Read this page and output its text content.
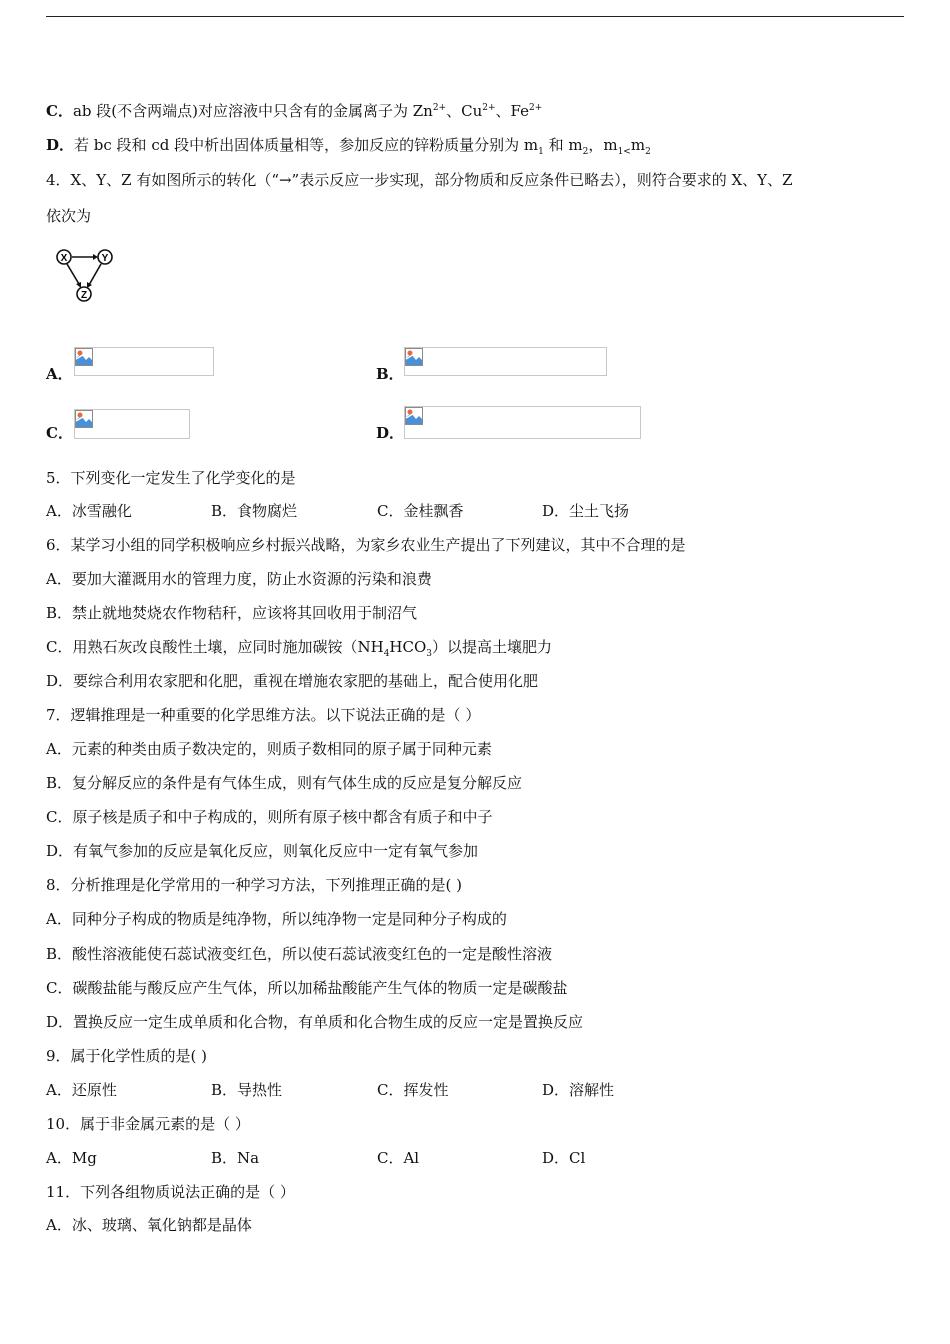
C．ab 段(不含两端点)对应溶液中只含有的金属离子为 $Zn^{2+}$、$Cu^{2+}$、$Fe^{2+}$
D．若 bc 段和 cd 段中析出固体质量相等，参加反应的锌粉质量分别为 $m_1$ 和 $m_2$，$m_{1<}m_2$
4．X、Y、Z 有如图所示的转化（“→”表示反应一步实现，部分物质和反应条件已略去），则符合要求的 X、Y、Z
依次为
X	Y
Z
A．	B．
C．	D．
5．下列变化一定发生了化学变化的是
A．冰雪融化	B．食物腐烂	C．金桂飘香	D．尘土飞扬
6．某学习小组的同学积极响应乡村振兴战略，为家乡农业生产提出了下列建议，其中不合理的是
A．要加大灌溉用水的管理力度，防止水资源的污染和浪费
B．禁止就地焚烧农作物秸秆，应该将其回收用于制沼气
C．用熟石灰改良酸性土壤，应同时施加碳铵$(NH_4HCO_3)$以提高土壤肥力
D．要综合利用农家肥和化肥，重视在增施农家肥的基础上，配合使用化肥
7．逻辑推理是一种重要的化学思维方法。以下说法正确的是（ ）
A．元素的种类由质子数决定的，则质子数相同的原子属于同种元素
B．复分解反应的条件是有气体生成，则有气体生成的反应是复分解反应
C．原子核是质子和中子构成的，则所有原子核中都含有质子和中子
D．有氧气参加的反应是氧化反应，则氧化反应中一定有氧气参加
8．分析推理是化学常用的一种学习方法，下列推理正确的是( )
A．同种分子构成的物质是纯净物，所以纯净物一定是同种分子构成的
B．酸性溶液能使石蕊试液变红色，所以使石蕊试液变红色的一定是酸性溶液
C．碳酸盐能与酸反应产生气体，所以加稀盐酸能产生气体的物质一定是碳酸盐
D．置换反应一定生成单质和化合物，有单质和化合物生成的反应一定是置换反应
9．属于化学性质的是( )
A．还原性	B．导热性	C．挥发性	D．溶解性
10．属于非金属元素的是（ ）
A．Mg	B．Na	C．Al	D．Cl
11．下列各组物质说法正确的是（ ）
A．冰、玻璃、氧化钠都是晶体
